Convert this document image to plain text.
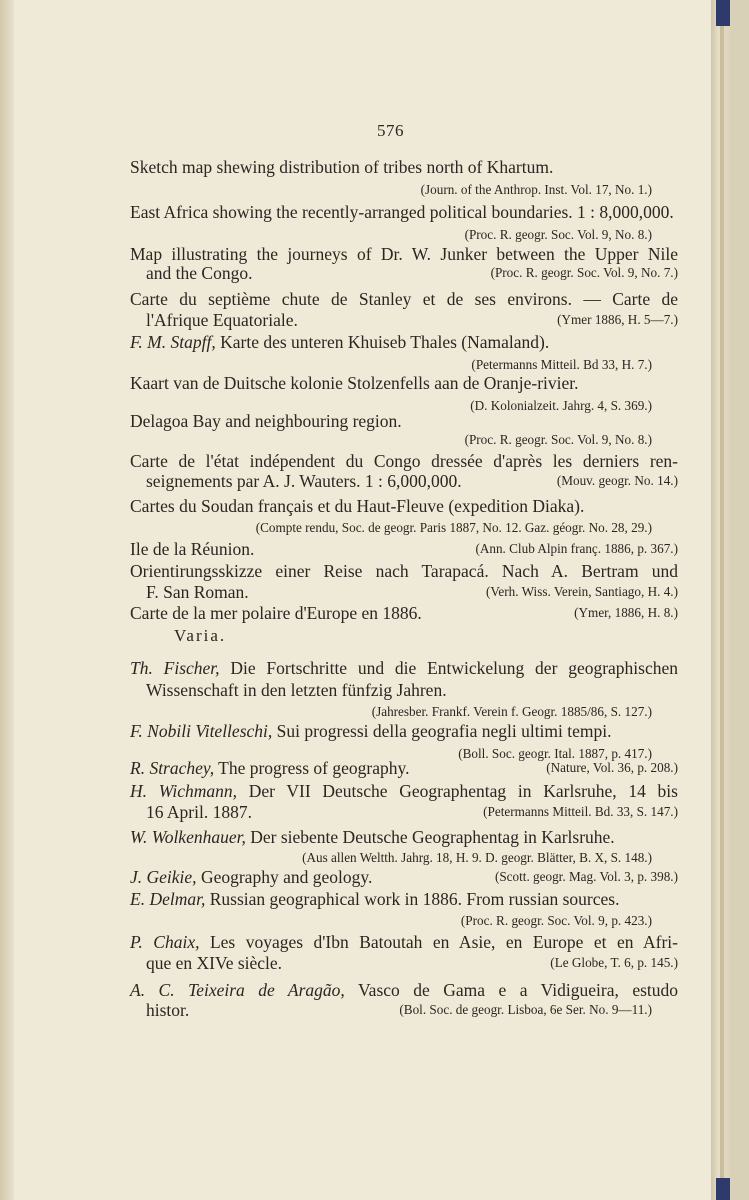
576
Sketch map shewing distribution of tribes north of Khartum.
(Journ. of the Anthrop. Inst. Vol. 17, No. 1.)
East Africa showing the recently-arranged political boundaries. 1 : 8,000,000.
(Proc. R. geogr. Soc. Vol. 9, No. 8.)
Map illustrating the journeys of Dr. W. Junker between the Upper Nile
and the Congo.	(Proc. R. geogr. Soc. Vol. 9, No. 7.)
Carte du septième chute de Stanley et de ses environs. — Carte de
l'Afrique Equatoriale.	(Ymer 1886, H. 5—7.)
F. M. Stapff, Karte des unteren Khuiseb Thales (Namaland).
(Petermanns Mitteil. Bd 33, H. 7.)
Kaart van de Duitsche kolonie Stolzenfells aan de Oranje-rivier.
(D. Kolonialzeit. Jahrg. 4, S. 369.)
Delagoa Bay and neighbouring region.
(Proc. R. geogr. Soc. Vol. 9, No. 8.)
Carte de l'état indépendent du Congo dressée d'après les derniers ren-
seignements par A. J. Wauters. 1 : 6,000,000.	(Mouv. geogr. No. 14.)
Cartes du Soudan français et du Haut-Fleuve (expedition Diaka).
(Compte rendu, Soc. de geogr. Paris 1887, No. 12. Gaz. géogr. No. 28, 29.)
Ile de la Réunion.	(Ann. Club Alpin franç. 1886, p. 367.)
Orientirungsskizze einer Reise nach Tarapacá. Nach A. Bertram und
F. San Roman.	(Verh. Wiss. Verein, Santiago, H. 4.)
Carte de la mer polaire d'Europe en 1886.	(Ymer, 1886, H. 8.)
Varia.
Th. Fischer, Die Fortschritte und die Entwickelung der geographischen
Wissenschaft in den letzten fünfzig Jahren.
(Jahresber. Frankf. Verein f. Geogr. 1885/86, S. 127.)
F. Nobili Vitelleschi, Sui progressi della geografia negli ultimi tempi.
(Boll. Soc. geogr. Ital. 1887, p. 417.)
R. Strachey, The progress of geography.	(Nature, Vol. 36, p. 208.)
H. Wichmann, Der VII Deutsche Geographentag in Karlsruhe, 14 bis
16 April. 1887.	(Petermanns Mitteil. Bd. 33, S. 147.)
W. Wolkenhauer, Der siebente Deutsche Geographentag in Karlsruhe.
(Aus allen Weltth. Jahrg. 18, H. 9. D. geogr. Blätter, B. X, S. 148.)
J. Geikie, Geography and geology.	(Scott. geogr. Mag. Vol. 3, p. 398.)
E. Delmar, Russian geographical work in 1886. From russian sources.
(Proc. R. geogr. Soc. Vol. 9, p. 423.)
P. Chaix, Les voyages d'Ibn Batoutah en Asie, en Europe et en Afri-
que en XIVe siècle.	(Le Globe, T. 6, p. 145.)
A. C. Teixeira de Aragão, Vasco de Gama e a Vidigueira, estudo
histor.	(Bol. Soc. de geogr. Lisboa, 6e Ser. No. 9—11.)
